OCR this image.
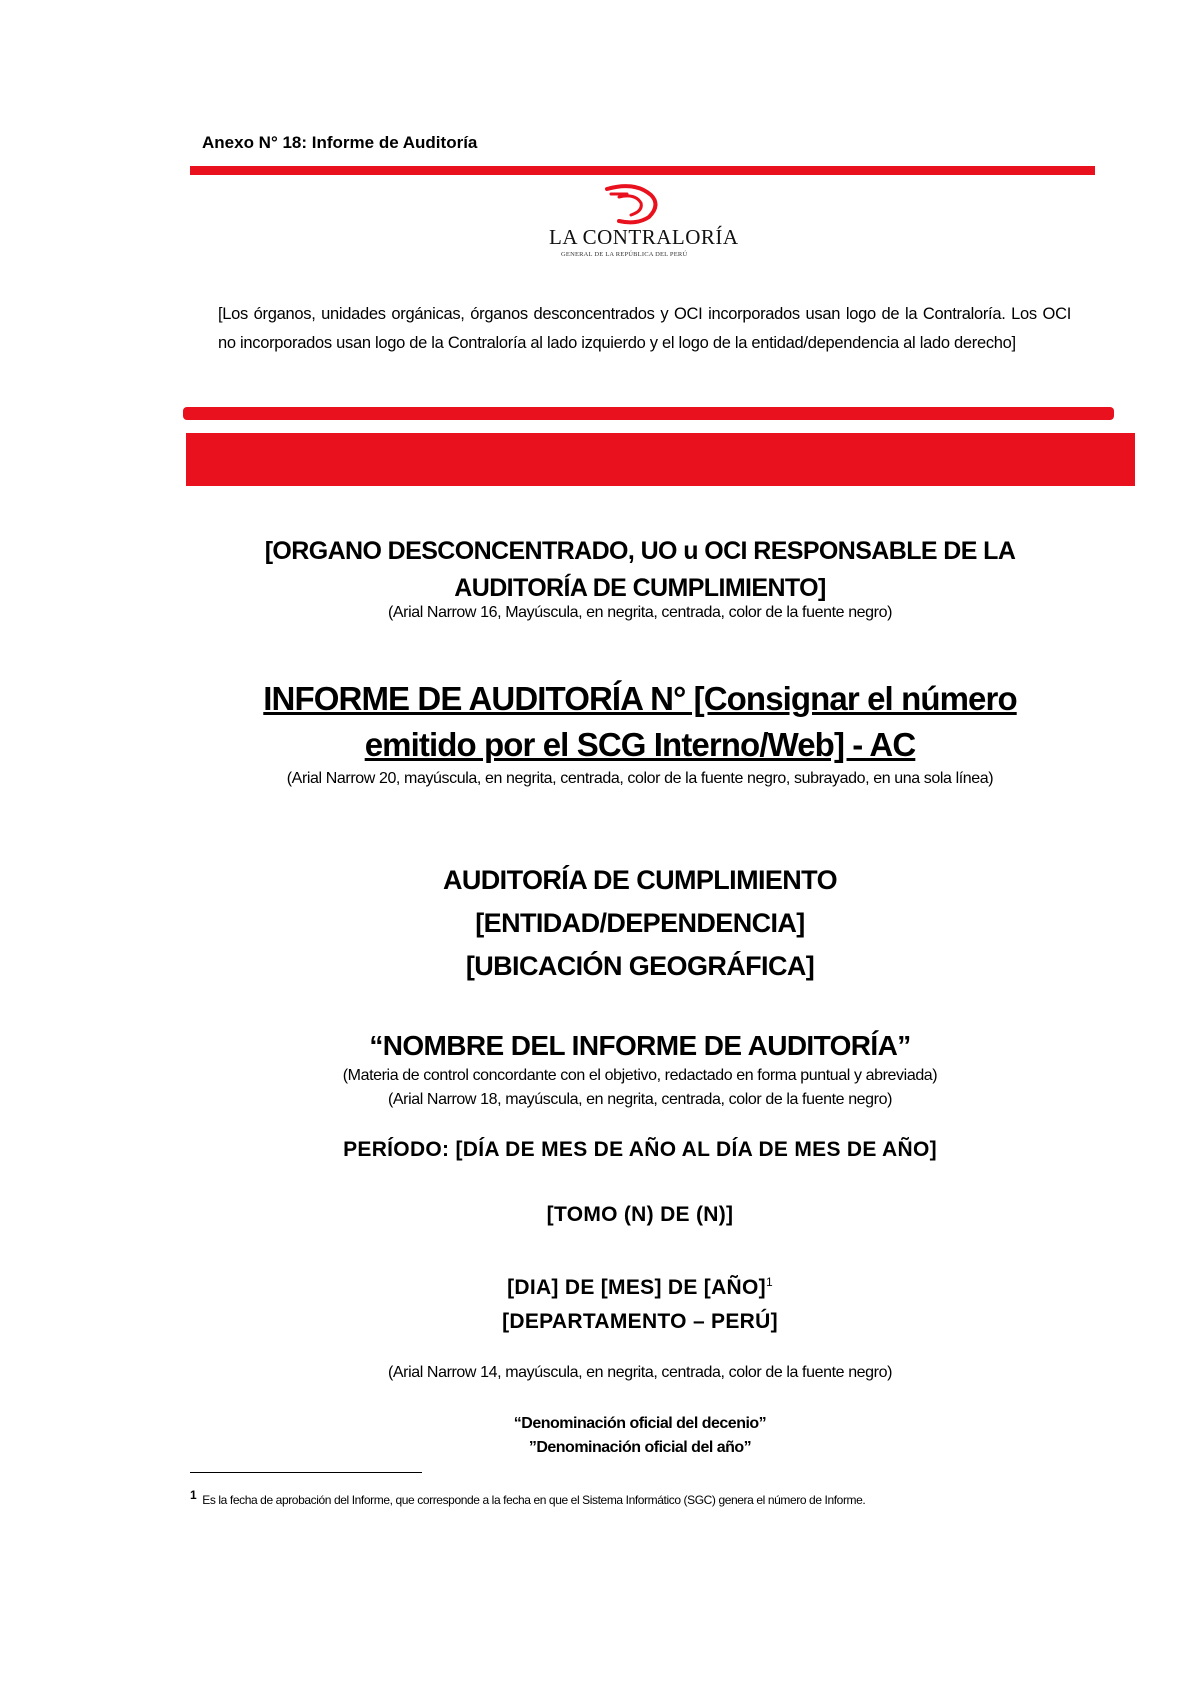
Anexo N° 18: Informe de Auditoría
LA CONTRALORÍA
GENERAL DE LA REPÚBLICA DEL PERÚ
[Los órganos, unidades orgánicas, órganos desconcentrados y OCI incorporados usan logo de la Contraloría. Los OCI no incorporados usan logo de la Contraloría al lado izquierdo y el logo de la entidad/dependencia al lado derecho]
[ORGANO DESCONCENTRADO, UO u OCI RESPONSABLE DE LA
AUDITORÍA DE CUMPLIMIENTO]
(Arial Narrow 16, Mayúscula, en negrita, centrada, color de la fuente negro)
INFORME DE AUDITORÍA N° [Consignar el número
emitido por el SCG Interno/Web] - AC
(Arial Narrow 20, mayúscula, en negrita, centrada, color de la fuente negro, subrayado, en una sola línea)
AUDITORÍA DE CUMPLIMIENTO
[ENTIDAD/DEPENDENCIA]
[UBICACIÓN GEOGRÁFICA]
“NOMBRE DEL INFORME DE AUDITORÍA”
(Materia de control concordante con el objetivo, redactado en forma puntual y abreviada)
(Arial Narrow 18, mayúscula, en negrita, centrada, color de la fuente negro)
PERÍODO: [DÍA DE MES DE AÑO AL DÍA DE MES DE AÑO]
[TOMO (N) DE (N)]
[DIA] DE [MES] DE [AÑO]$^1$
[DEPARTAMENTO – PERÚ]
(Arial Narrow 14, mayúscula, en negrita, centrada, color de la fuente negro)
“Denominación oficial del decenio”
”Denominación oficial del año”
1 Es la fecha de aprobación del Informe, que corresponde a la fecha en que el Sistema Informático (SGC) genera el número de Informe.
